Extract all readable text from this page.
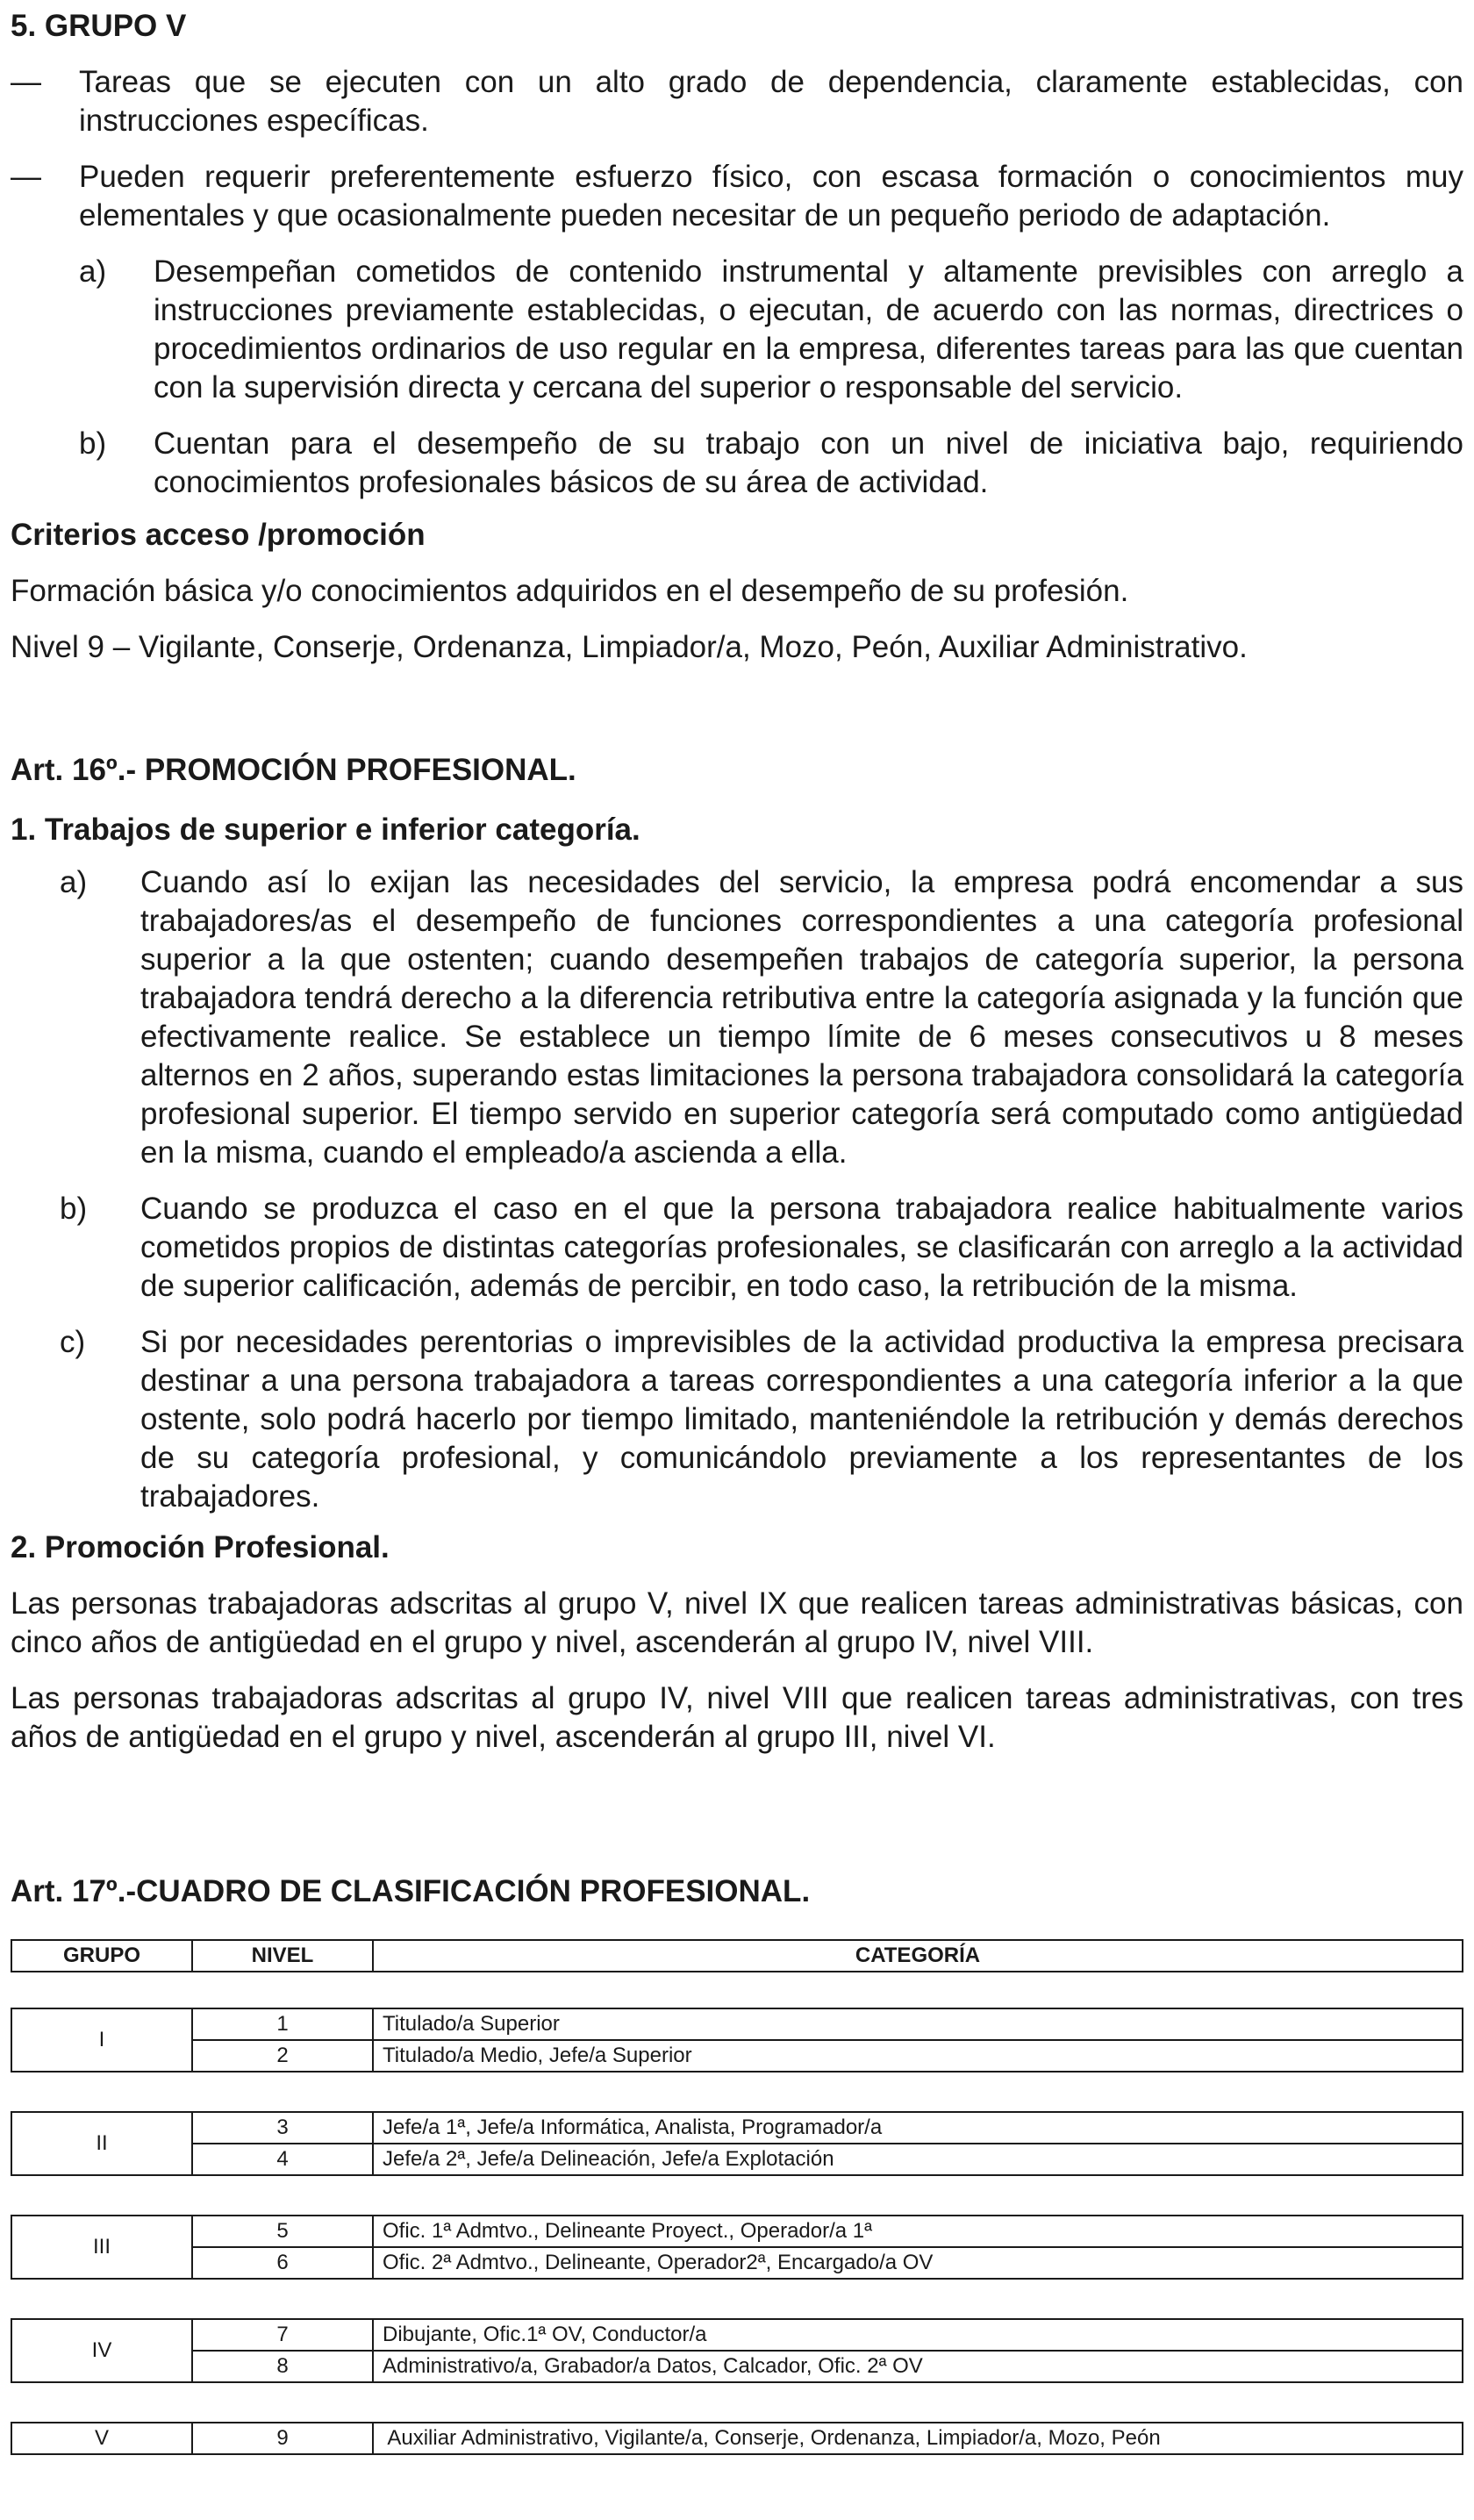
5. GRUPO V

—	Tareas que se ejecuten con un alto grado de dependencia, claramente establecidas, con instrucciones específicas.

—	Pueden requerir preferentemente esfuerzo físico, con escasa formación o conocimientos muy elementales y que ocasionalmente pueden necesitar de un pequeño periodo de adaptación.

a)	Desempeñan cometidos de contenido instrumental y altamente previsibles con arreglo a instrucciones previamente establecidas, o ejecutan, de acuerdo con las normas, directrices o procedimientos ordinarios de uso regular en la empresa, diferentes tareas para las que cuentan con la supervisión directa y cercana del superior o responsable del servicio.

b)	Cuentan para el desempeño de su trabajo con un nivel de iniciativa bajo, requiriendo conocimientos profesionales básicos de su área de actividad.

Criterios acceso /promoción

Formación básica y/o conocimientos adquiridos en el desempeño de su profesión.

Nivel 9 – Vigilante, Conserje, Ordenanza, Limpiador/a, Mozo, Peón, Auxiliar Administrativo.

Art. 16º.- PROMOCIÓN PROFESIONAL.

1. Trabajos de superior e inferior categoría.

a)	Cuando así lo exijan las necesidades del servicio, la empresa podrá encomendar a sus trabajadores/as el desempeño de funciones correspondientes a una categoría profesional superior a la que ostenten; cuando desempeñen trabajos de categoría superior, la persona trabajadora tendrá derecho a la diferencia retributiva entre la categoría asignada y la función que efectivamente realice. Se establece un tiempo límite de 6 meses consecutivos u 8 meses alternos en 2 años, superando estas limitaciones la persona trabajadora consolidará la categoría profesional superior. El tiempo servido en superior categoría será computado como antigüedad en la misma, cuando el empleado/a ascienda a ella.

b)	Cuando se produzca el caso en el que la persona trabajadora realice habitualmente varios cometidos propios de distintas categorías profesionales, se clasificarán con arreglo a la actividad de superior calificación, además de percibir, en todo caso, la retribución de la misma.

c)	Si por necesidades perentorias o imprevisibles de la actividad productiva la empresa precisara destinar a una persona trabajadora a tareas correspondientes a una categoría inferior a la que ostente, solo podrá hacerlo por tiempo limitado, manteniéndole la retribución y demás derechos de su categoría profesional, y comunicándolo previamente a los representantes de los trabajadores.

2. Promoción Profesional.

Las personas trabajadoras adscritas al grupo V, nivel IX que realicen tareas administrativas básicas, con cinco años de antigüedad en el grupo y nivel, ascenderán al grupo IV, nivel VIII.

Las personas trabajadoras adscritas al grupo IV, nivel VIII que realicen tareas administrativas, con tres años de antigüedad en el grupo y nivel, ascenderán al grupo III, nivel VI.

Art. 17º.-CUADRO DE CLASIFICACIÓN PROFESIONAL.

GRUPO	NIVEL	CATEGORÍA
I	1	Titulado/a Superior
	2	Titulado/a Medio, Jefe/a Superior
II	3	Jefe/a 1ª, Jefe/a Informática, Analista, Programador/a
	4	Jefe/a 2ª, Jefe/a Delineación, Jefe/a Explotación
III	5	Ofic. 1ª Admtvo., Delineante Proyect., Operador/a 1ª
	6	Ofic. 2ª Admtvo., Delineante, Operador2ª, Encargado/a OV
IV	7	Dibujante, Ofic.1ª OV, Conductor/a
	8	Administrativo/a, Grabador/a Datos, Calcador, Ofic. 2ª OV
V	9	Auxiliar Administrativo, Vigilante/a, Conserje, Ordenanza, Limpiador/a, Mozo, Peón
